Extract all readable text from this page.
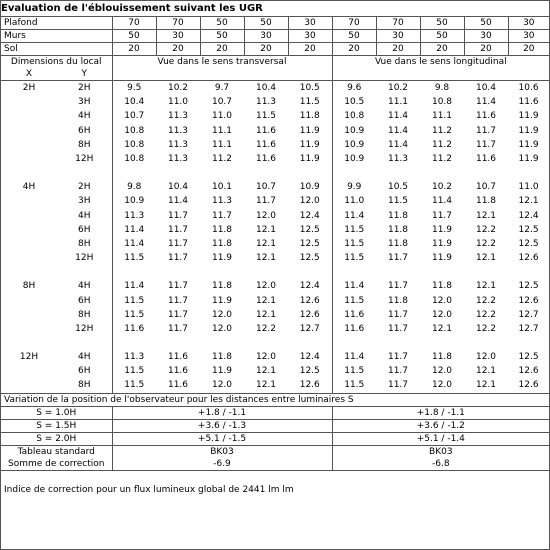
Evaluation de l'éblouissement suivant les UGR											
Plafond		70	70	50	50	30	70	70	50	50	30
Murs		50	30	50	30	30	50	30	50	30	30
Sol		20	20	20	20	20	20	20	20	20	20
Dimensions du local		Vue dans le sens transversal					Vue dans le sens longitudinal				
X	Y										
2H	2H	9.5	10.2	9.7	10.4	10.5	9.6	10.2	9.8	10.4	10.6
	3H	10.4	11.0	10.7	11.3	11.5	10.5	11.1	10.8	11.4	11.6
	4H	10.7	11.3	11.0	11.5	11.8	10.8	11.4	11.1	11.6	11.9
	6H	10.8	11.3	11.1	11.6	11.9	10.9	11.4	11.2	11.7	11.9
	8H	10.8	11.3	11.1	11.6	11.9	10.9	11.4	11.2	11.7	11.9
	12H	10.8	11.3	11.2	11.6	11.9	10.9	11.3	11.2	11.6	11.9

4H	2H	9.8	10.4	10.1	10.7	10.9	9.9	10.5	10.2	10.7	11.0
	3H	10.9	11.4	11.3	11.7	12.0	11.0	11.5	11.4	11.8	12.1
	4H	11.3	11.7	11.7	12.0	12.4	11.4	11.8	11.7	12.1	12.4
	6H	11.4	11.7	11.8	12.1	12.5	11.5	11.8	11.9	12.2	12.5
	8H	11.4	11.7	11.8	12.1	12.5	11.5	11.8	11.9	12.2	12.5
	12H	11.5	11.7	11.9	12.1	12.5	11.5	11.7	11.9	12.1	12.6

8H	4H	11.4	11.7	11.8	12.0	12.4	11.4	11.7	11.8	12.1	12.5
	6H	11.5	11.7	11.9	12.1	12.6	11.5	11.8	12.0	12.2	12.6
	8H	11.5	11.7	12.0	12.1	12.6	11.6	11.7	12.0	12.2	12.7
	12H	11.6	11.7	12.0	12.2	12.7	11.6	11.7	12.1	12.2	12.7

12H	4H	11.3	11.6	11.8	12.0	12.4	11.4	11.7	11.8	12.0	12.5
	6H	11.5	11.6	11.9	12.1	12.5	11.5	11.7	12.0	12.1	12.6
	8H	11.5	11.6	12.0	12.1	12.6	11.5	11.7	12.0	12.1	12.6
Variation de la position de l'observateur pour les distances entre luminaires S											
S = 1.0H		+1.8 / -1.1					+1.8 / -1.1				
S = 1.5H		+3.6 / -1.3					+3.6 / -1.2				
S = 2.0H		+5.1 / -1.5					+5.1 / -1.4				
Tableau standard		BK03					BK03				
Somme de correction		-6.9					-6.8				
Indice de correction pour un flux lumineux global de 2441 lm lm
